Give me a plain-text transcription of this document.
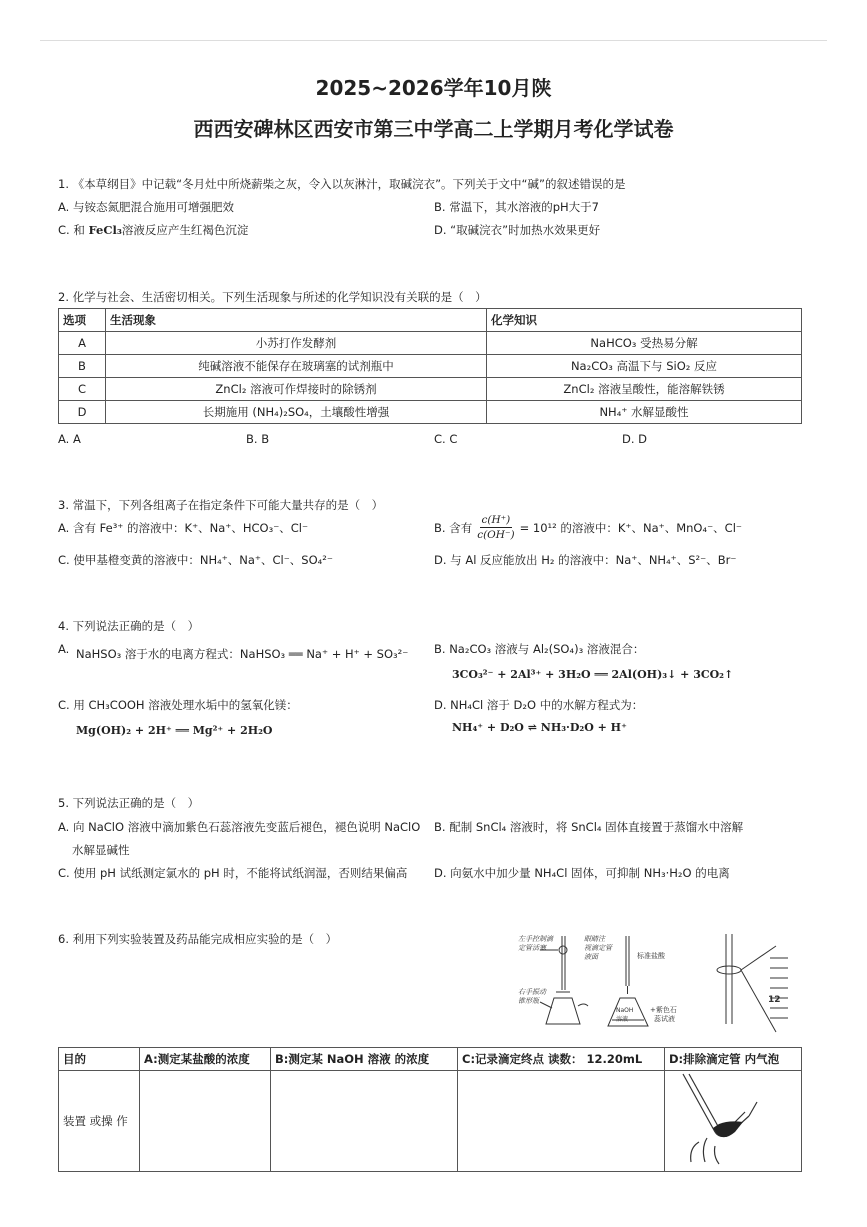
2025~2026学年10月陕
西西安碑林区西安市第三中学高二上学期月考化学试卷
1. 《本草纲目》中记载“冬月灶中所烧薪柴之灰，令入以灰淋汁，取碱浣衣”。下列关于文中“碱”的叙述错误的是
A. 与铵态氮肥混合施用可增强肥效	B. 常温下，其水溶液的pH大于7
C. 和 FeCl₃溶液反应产生红褐色沉淀	D. “取碱浣衣”时加热水效果更好
2. 化学与社会、生活密切相关。下列生活现象与所述的化学知识没有关联的是（　）
选项	生活现象	化学知识
A	小苏打作发酵剂	NaHCO₃ 受热易分解
B	纯碱溶液不能保存在玻璃塞的试剂瓶中	Na₂CO₃ 高温下与 SiO₂ 反应
C	ZnCl₂ 溶液可作焊接时的除锈剂	ZnCl₂ 溶液呈酸性，能溶解铁锈
D	长期施用 (NH₄)₂SO₄，土壤酸性增强	NH₄⁺ 水解显酸性
A. A	B. B	C. C	D. D
3. 常温下，下列各组离子在指定条件下可能大量共存的是（　）
A. 含有 Fe³⁺ 的溶液中：K⁺、Na⁺、HCO₃⁻、Cl⁻	B. 含有 $\frac{c(H^+)}{c(OH^-)} = 10^{12}$ 的溶液中：K⁺、Na⁺、MnO₄⁻、Cl⁻
C. 使甲基橙变黄的溶液中：NH₄⁺、Na⁺、Cl⁻、SO₄²⁻	D. 与 Al 反应能放出 H₂ 的溶液中：Na⁺、NH₄⁺、S²⁻、Br⁻
4. 下列说法正确的是（　）
A. NaHSO₃ 溶于水的电离方程式：NaHSO₃ ══ Na⁺ + H⁺ + SO₃²⁻ B. Na₂CO₃ 溶液与 Al₂(SO₄)₃ 溶液混合：
3CO₃²⁻ + 2Al³⁺ + 3H₂O ══ 2Al(OH)₃↓ + 3CO₂↑
C. 用 CH₃COOH 溶液处理水垢中的氢氧化镁：
Mg(OH)₂ + 2H⁺ ══ Mg²⁺ + 2H₂O
D. NH₄Cl 溶于 D₂O 中的水解方程式为：
NH₄⁺ + D₂O ⇌ NH₃·D₂O + H⁺
5. 下列说法正确的是（　）
A. 向 NaClO 溶液中滴加紫色石蕊溶液先变蓝后褪色，褪色说明 NaClO
水解显碱性
B. 配制 SnCl₄ 溶液时，将 SnCl₄ 固体直接置于蒸馏水中溶解
C. 使用 pH 试纸测定氯水的 pH 时，不能将试纸润湿，否则结果偏高 D. 向氨水中加少量 NH₄Cl 固体，可抑制 NH₃·H₂O 的电离
6. 利用下列实验装置及药品能完成相应实验的是（　）	左手控制滴
定管活塞
眼睛注
视滴定管
液面
右手振动
锥形瓶
标准盐酸
NaOH
溶液
+紫色石
蕊试液
12
目的	A:测定某盐酸的浓度	B:测定某 NaOH 溶液 的浓度	C:记录滴定终点 读数： 12.20mL	D:排除滴定管 内气泡
装置 或操 作				
